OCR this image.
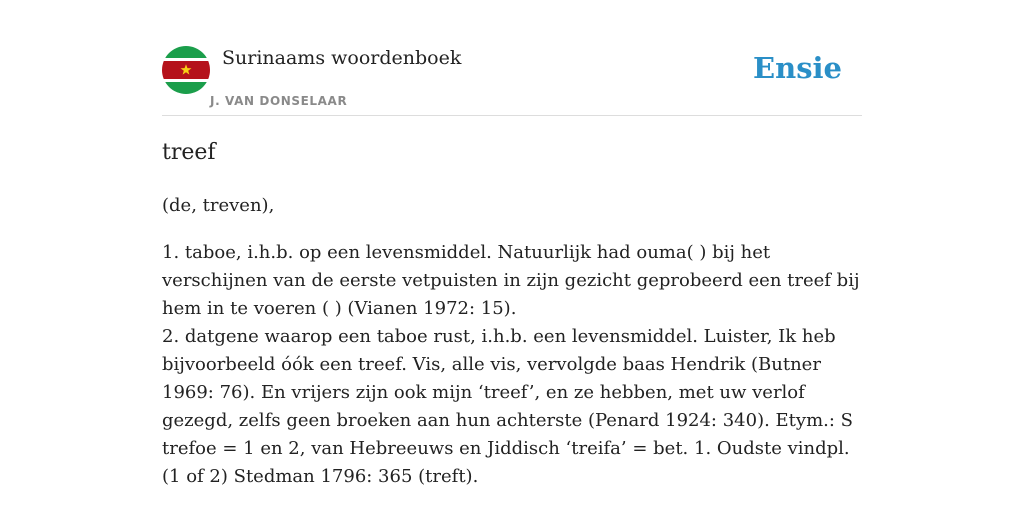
Surinaams woordenboek
J. VAN DONSELAAR
Ensie
treef
(de, treven),

1. taboe, i.h.b. op een levensmiddel. Natuurlijk had ouma( ) bij het verschijnen van de eerste vetpuisten in zijn gezicht geprobeerd een treef bij hem in te voeren ( ) (Vianen 1972: 15).

2. datgene waarop een taboe rust, i.h.b. een levensmiddel. Luister, Ik heb bijvoorbeeld óók een treef. Vis, alle vis, vervolgde baas Hendrik (Butner 1969: 76). En vrijers zijn ook mijn ‘treef’, en ze hebben, met uw verlof gezegd, zelfs geen broeken aan hun achterste (Penard 1924: 340). Etym.: S trefoe = 1 en 2, van Hebreeuws en Jiddisch ‘treifa’ = bet. 1. Oudste vindpl. (1 of 2) Stedman 1796: 365 (treft).
